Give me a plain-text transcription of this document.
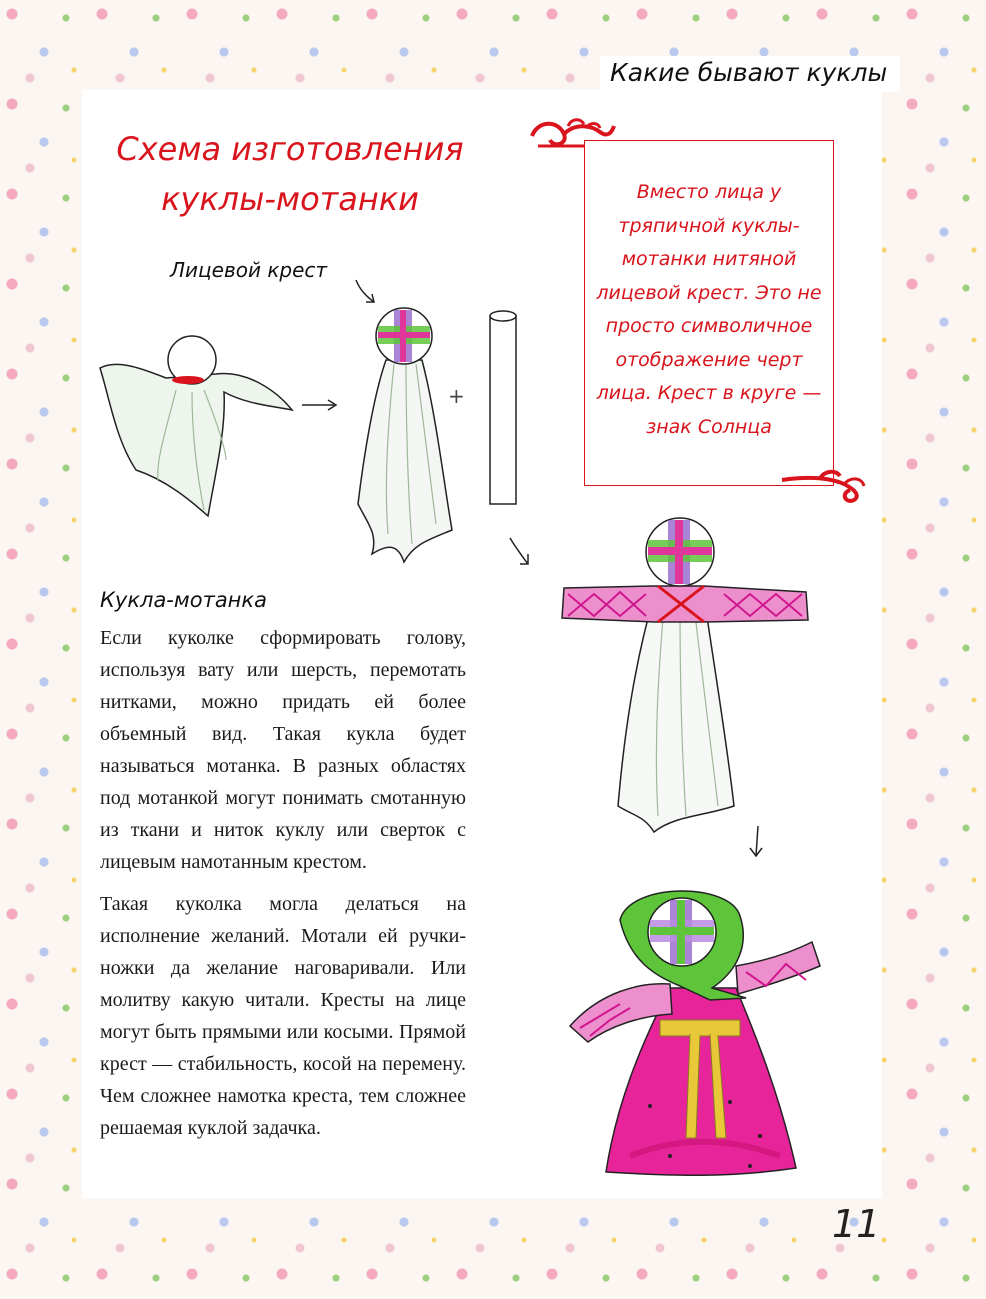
Какие бывают куклы
Схема изготовления
куклы-мотанки
Лицевой крест

Вместо лица у тряпичной куклы-мотанки нитяной лицевой крест. Это не просто символичное отображение черт лица. Крест в круге — знак Солнца

+
Кукла-мотанка

Если куколке сформировать голову, используя вату или шерсть, перемотать нитками, можно придать ей более объемный вид. Такая кукла будет называться мотанка. В разных областях под мотанкой могут понимать смотанную из ткани и ниток куклу или сверток с лицевым намотанным крестом.

Такая куколка могла делаться на исполнение желаний. Мотали ей ручки-ножки да желание наговаривали. Или молитву какую читали. Кресты на лице могут быть прямыми или косыми. Прямой крест — стабильность, косой на перемену. Чем сложнее намотка креста, тем сложнее решаемая куклой задачка.

11
